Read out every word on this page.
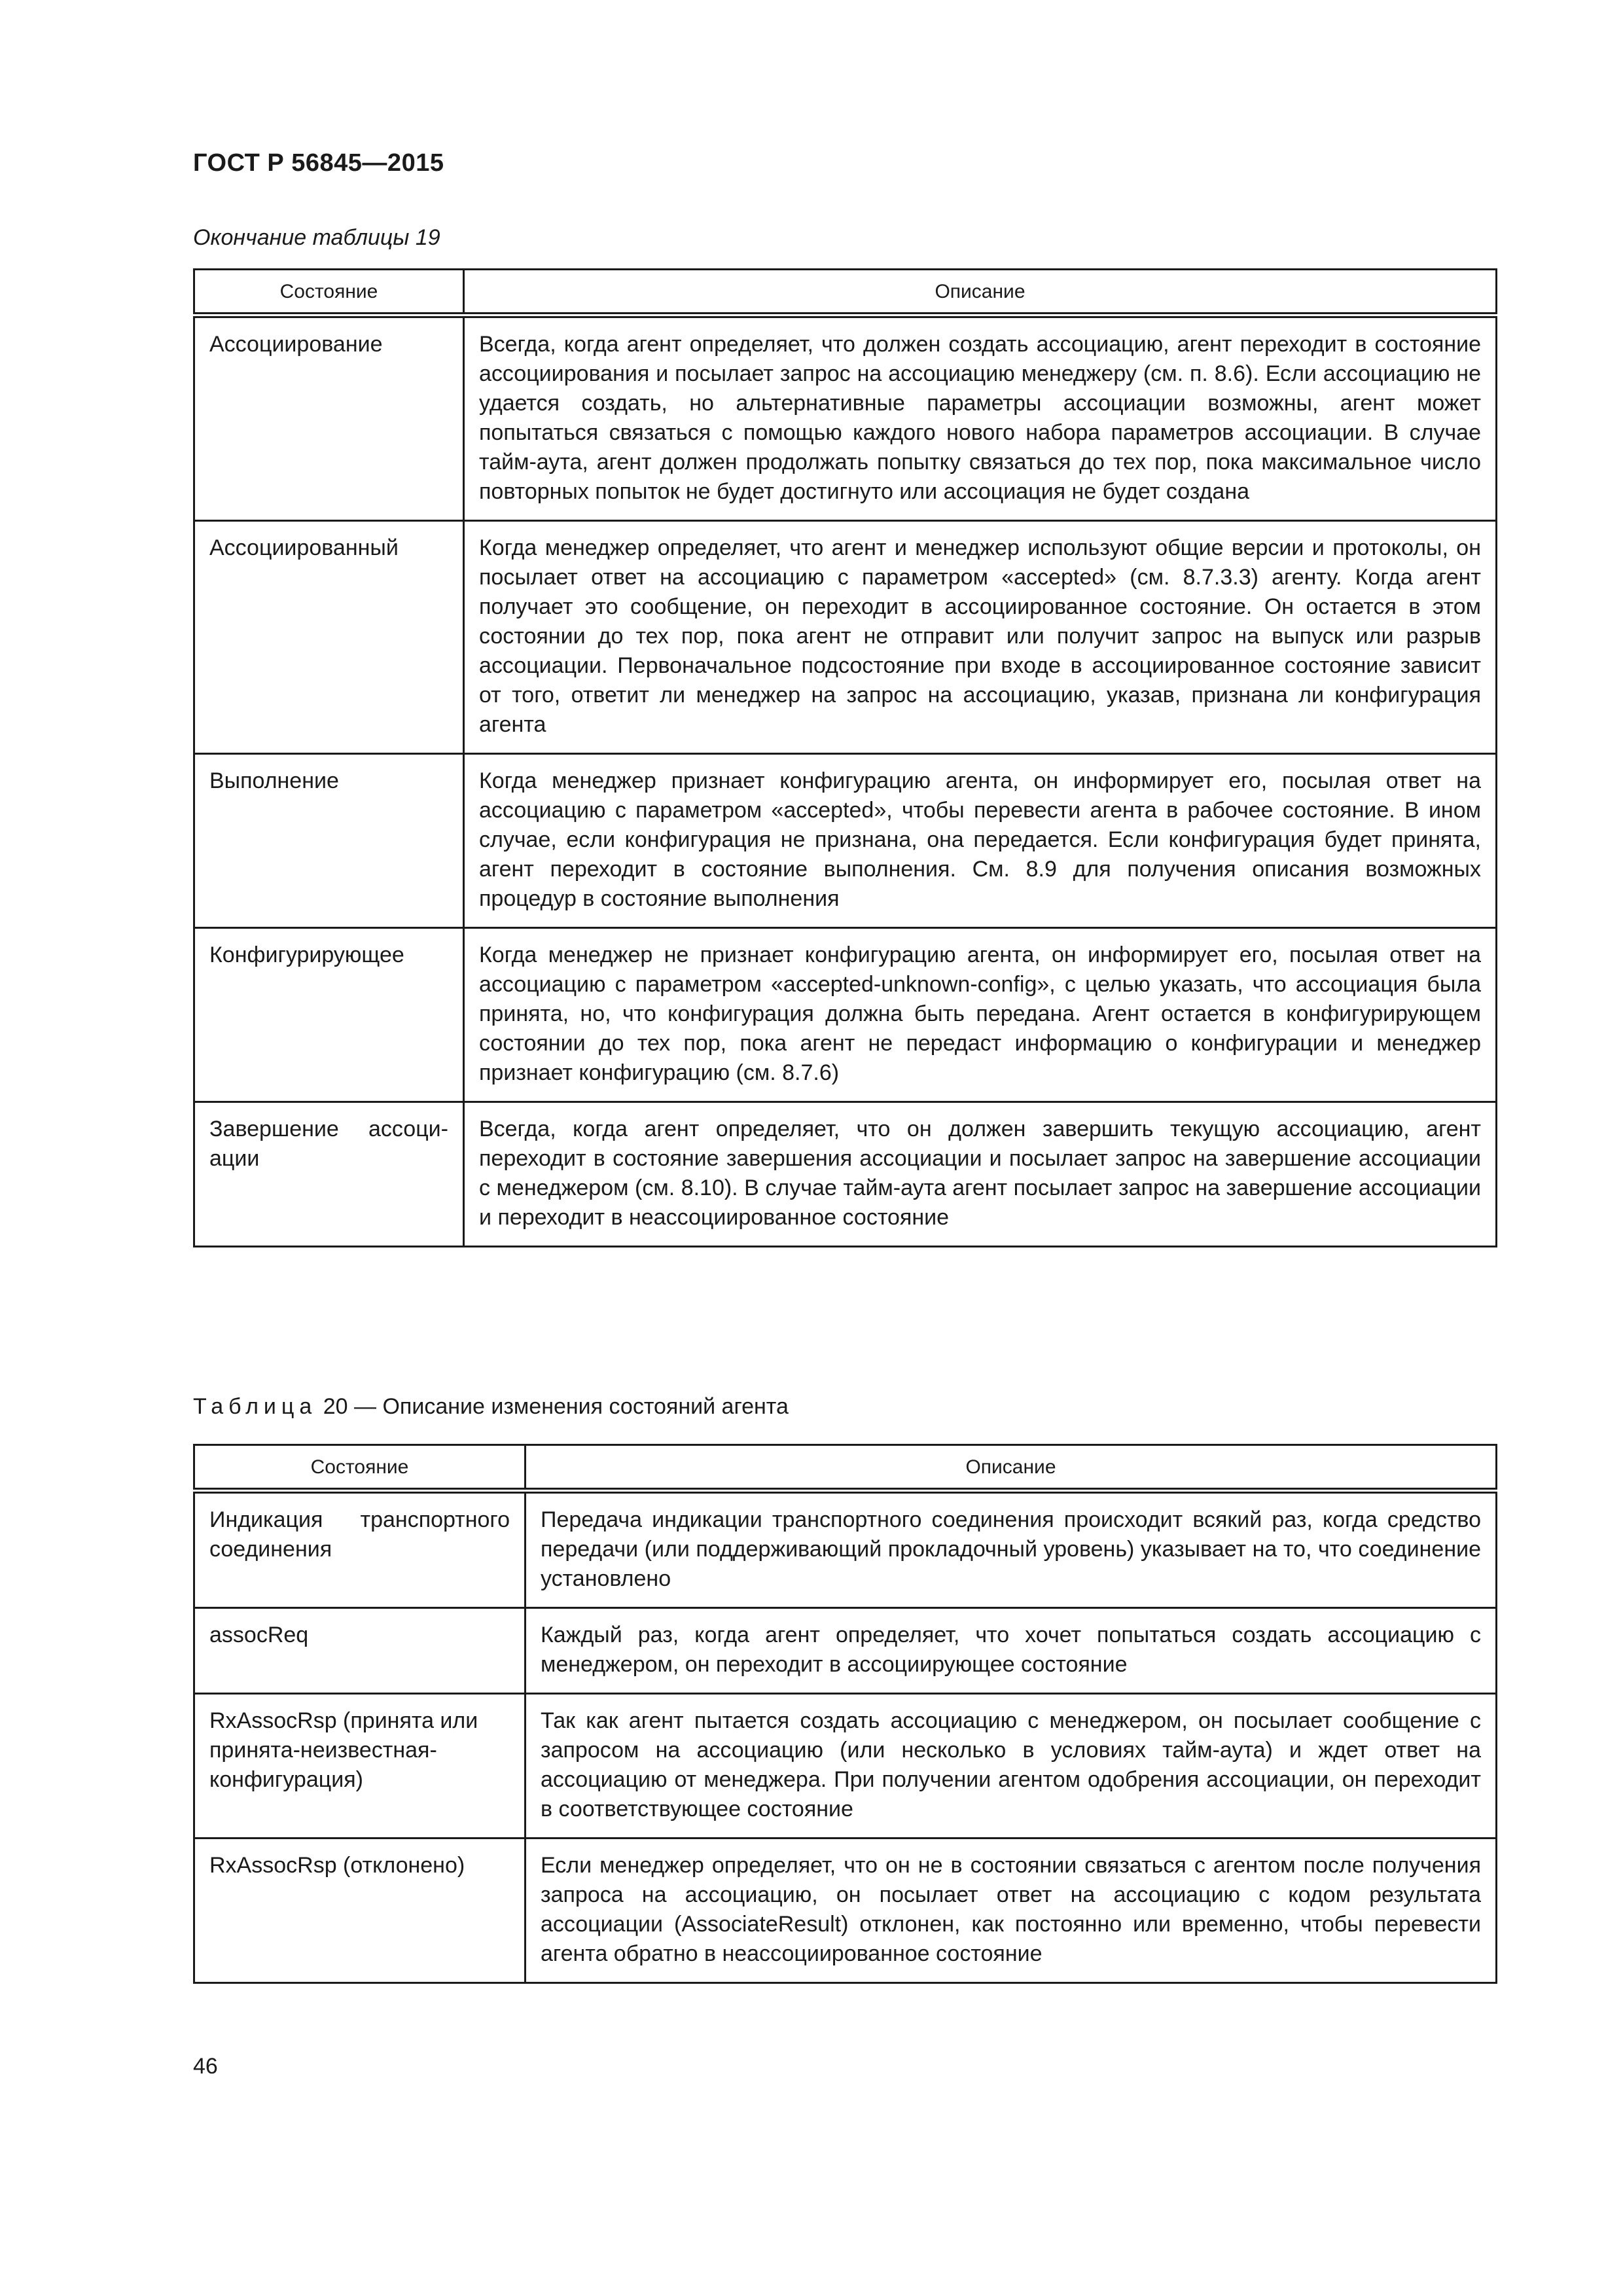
ГОСТ Р 56845—2015
Окончание таблицы 19
Состояние	Описание
Ассоциирование	Всегда, когда агент определяет, что должен создать ассоциацию, агент переходит в состояние ассоциирования и посылает запрос на ассоциацию менеджеру (см. п. 8.6). Если ассоциацию не удается создать, но альтернативные параметры ассоциации возможны, агент может попытаться связаться с помощью каждого нового набора параметров ассоциации. В случае тайм-аута, агент должен продолжать попытку связаться до тех пор, пока максимальное число повторных попыток не будет достигнуто или ассоциация не будет создана
Ассоциированный	Когда менеджер определяет, что агент и менеджер используют общие версии и протоколы, он посылает ответ на ассоциацию с параметром «accepted» (см. 8.7.3.3) агенту. Когда агент получает это сообщение, он переходит в ассоциированное состояние. Он остается в этом состоянии до тех пор, пока агент не отправит или получит запрос на выпуск или разрыв ассоциации. Первоначальное подсостояние при входе в ассоциированное состояние зависит от того, ответит ли менеджер на запрос на ассоциацию, указав, признана ли конфигурация агента
Выполнение	Когда менеджер признает конфигурацию агента, он информирует его, посылая ответ на ассоциацию с параметром «accepted», чтобы перевести агента в рабочее состояние. В ином случае, если конфигурация не признана, она передается. Если конфигурация будет принята, агент переходит в состояние выполнения. См. 8.9 для получения описания возможных процедур в состояние выполнения
Конфигурирующее	Когда менеджер не признает конфигурацию агента, он информирует его, посылая ответ на ассоциацию с параметром «accepted-unknown-config», с целью указать, что ассоциация была принята, но, что конфигурация должна быть передана. Агент остается в конфигурирующем состоянии до тех пор, пока агент не передаст информацию о конфигурации и менеджер признает конфигурацию (см. 8.7.6)
Завершение ассоциации	Всегда, когда агент определяет, что он должен завершить текущую ассоциацию, агент переходит в состояние завершения ассоциации и посылает запрос на завершение ассоциации с менеджером (см. 8.10). В случае тайм-аута агент посылает запрос на завершение ассоциации и переходит в неассоциированное состояние
Таблица 20 — Описание изменения состояний агента
Состояние	Описание
Индикация транспортного соединения	Передача индикации транспортного соединения происходит всякий раз, когда средство передачи (или поддерживающий прокладочный уровень) указывает на то, что соединение установлено
assocReq	Каждый раз, когда агент определяет, что хочет попытаться создать ассоциацию с менеджером, он переходит в ассоциирующее состояние
RxAssocRsp (принята или принята-неизвестная-конфигурация)	Так как агент пытается создать ассоциацию с менеджером, он посылает сообщение с запросом на ассоциацию (или несколько в условиях тайм-аута) и ждет ответ на ассоциацию от менеджера. При получении агентом одобрения ассоциации, он переходит в соответствующее состояние
RxAssocRsp (отклонено)	Если менеджер определяет, что он не в состоянии связаться с агентом после получения запроса на ассоциацию, он посылает ответ на ассоциацию с кодом результата ассоциации (AssociateResult) отклонен, как постоянно или временно, чтобы перевести агента обратно в неассоциированное состояние
46
